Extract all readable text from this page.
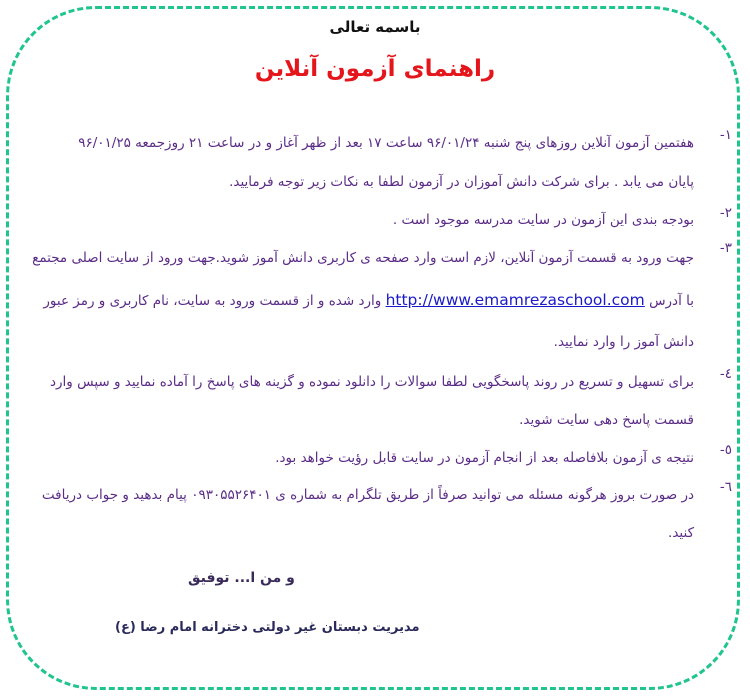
باسمه تعالی
راهنمای آزمون آنلاین
۱-
هفتمین آزمون آنلاین روزهای پنج شنبه ۹۶/۰۱/۲۴ ساعت ۱۷ بعد از ظهر آغاز و در ساعت ۲۱ روزجمعه ۹۶/۰۱/۲۵
پایان می یابد . برای شرکت دانش آموزان در آزمون لطفا به نکات زیر توجه فرمایید.
۲-
بودجه بندی این آزمون در سایت مدرسه موجود است .
۳-
جهت ورود به قسمت آزمون آنلاین، لازم است وارد صفحه ی کاربری دانش آموز شوید.جهت ورود از سایت اصلی مجتمع
با آدرس http://www.emamrezaschool.com وارد شده و از قسمت ورود به سایت، نام کاربری و رمز عبور
دانش آموز را وارد نمایید.
٤-
برای تسهیل و تسریع در روند پاسخگویی لطفا سوالات را دانلود نموده و گزینه های پاسخ را آماده نمایید و سپس وارد
قسمت پاسخ دهی سایت شوید.
٥-
نتیجه ی آزمون بلافاصله بعد از انجام آزمون در سایت قابل رؤیت خواهد بود.
٦-
در صورت بروز هرگونه مسئله می توانید صرفاً از طریق تلگرام به شماره ی ۰۹۳۰۵۵۲۶۴۰۱ پیام بدهید و جواب دریافت
کنید.
و من ا... توفیق
مدیریت دبستان غیر دولتی دخترانه امام رضا (ع)
